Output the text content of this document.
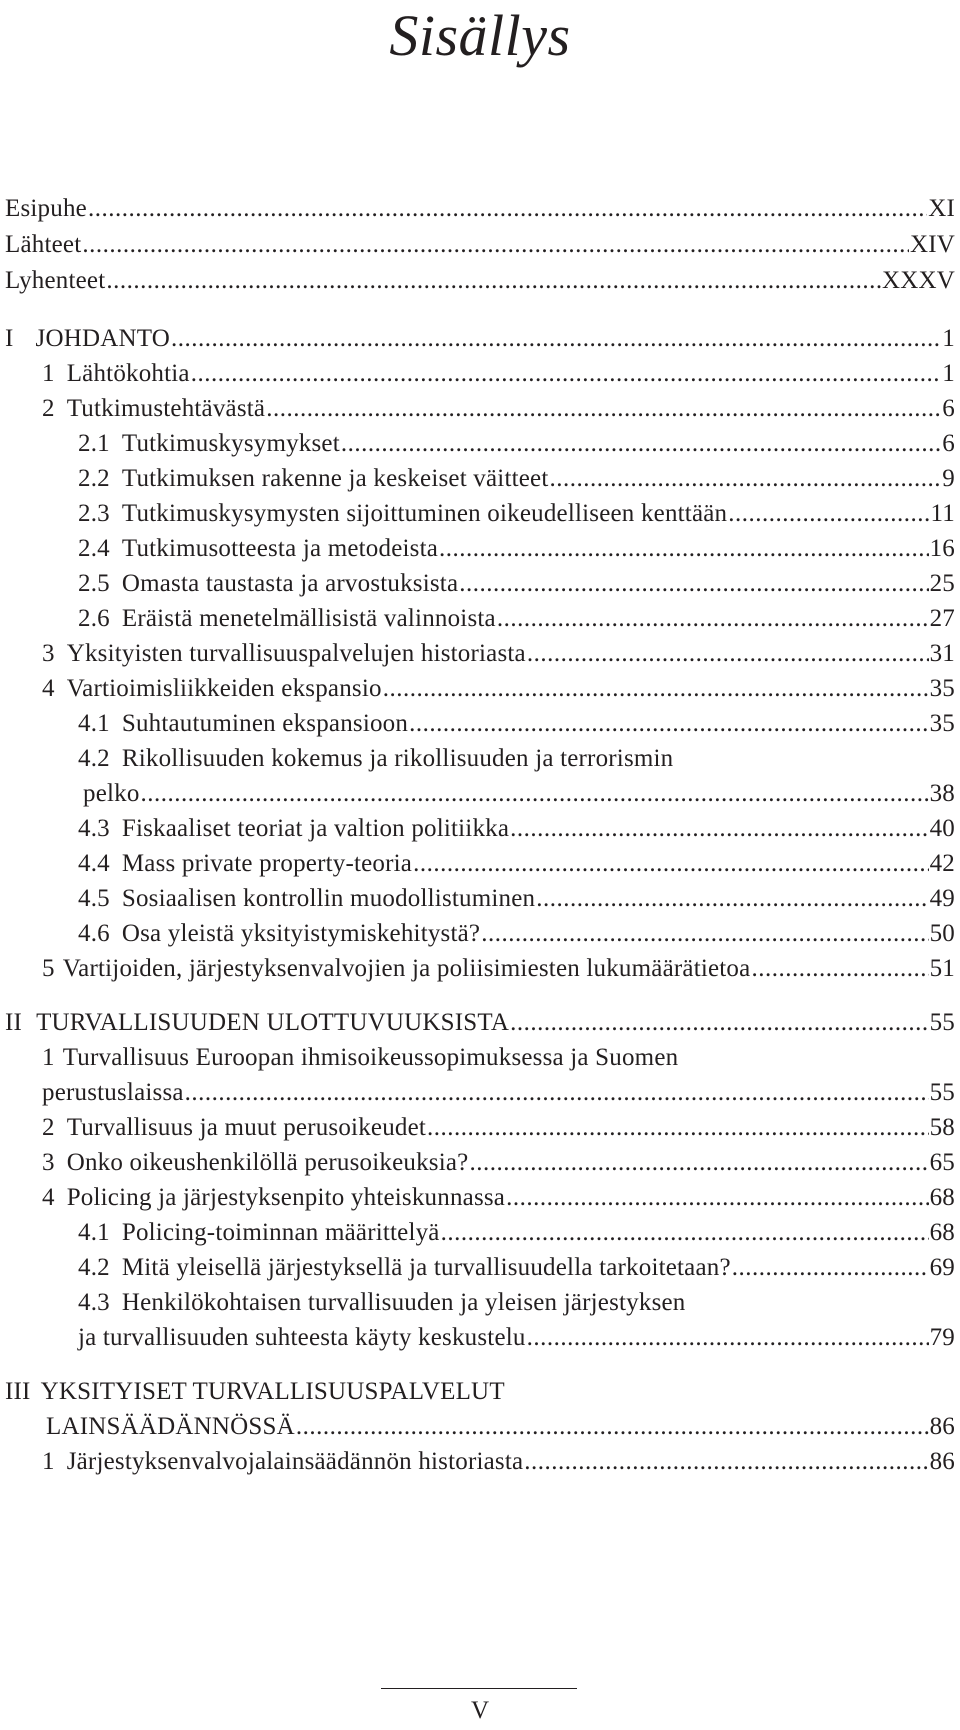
Sisällys
Esipuhe .....	XI
Lähteet .....	XIV
Lyhenteet .....	XXXV
I JOHDANTO .....	1
1 Lähtökohtia .....	1
2 Tutkimustehtävästä .....	6
2.1 Tutkimuskysymykset .....	6
2.2 Tutkimuksen rakenne ja keskeiset väitteet .....	9
2.3 Tutkimuskysymysten sijoittuminen oikeudelliseen kenttään .....	11
2.4 Tutkimusotteesta ja metodeista .....	16
2.5 Omasta taustasta ja arvostuksista .....	25
2.6 Eräistä menetelmällisistä valinnoista .....	27
3 Yksityisten turvallisuuspalvelujen historiasta .....	31
4 Vartioimisliikkeiden ekspansio .....	35
4.1 Suhtautuminen ekspansioon .....	35
4.2 Rikollisuuden kokemus ja rikollisuuden ja terrorismin
pelko .....	38
4.3 Fiskaaliset teoriat ja valtion politiikka .....	40
4.4 Mass private property-teoria .....	42
4.5 Sosiaalisen kontrollin muodollistuminen .....	49
4.6 Osa yleistä yksityistymiskehitystä? .....	50
5 Vartijoiden, järjestyksenvalvojien ja poliisimiesten lukumäärätietoa .....	51
II TURVALLISUUDEN ULOTTUVUUKSISTA .....	55
1 Turvallisuus Euroopan ihmisoikeussopimuksessa ja Suomen
perustuslaissa .....	55
2 Turvallisuus ja muut perusoikeudet .....	58
3 Onko oikeushenkilöllä perusoikeuksia? .....	65
4 Policing ja järjestyksenpito yhteiskunnassa .....	68
4.1 Policing-toiminnan määrittelyä .....	68
4.2 Mitä yleisellä järjestyksellä ja turvallisuudella tarkoitetaan? .....	69
4.3 Henkilökohtaisen turvallisuuden ja yleisen järjestyksen
ja turvallisuuden suhteesta käyty keskustelu .....	79
III YKSITYISET TURVALLISUUSPALVELUT
LAINSÄÄDÄNNÖSSÄ .....	86
1 Järjestyksenvalvojalainsäädännön historiasta .....	86
V
